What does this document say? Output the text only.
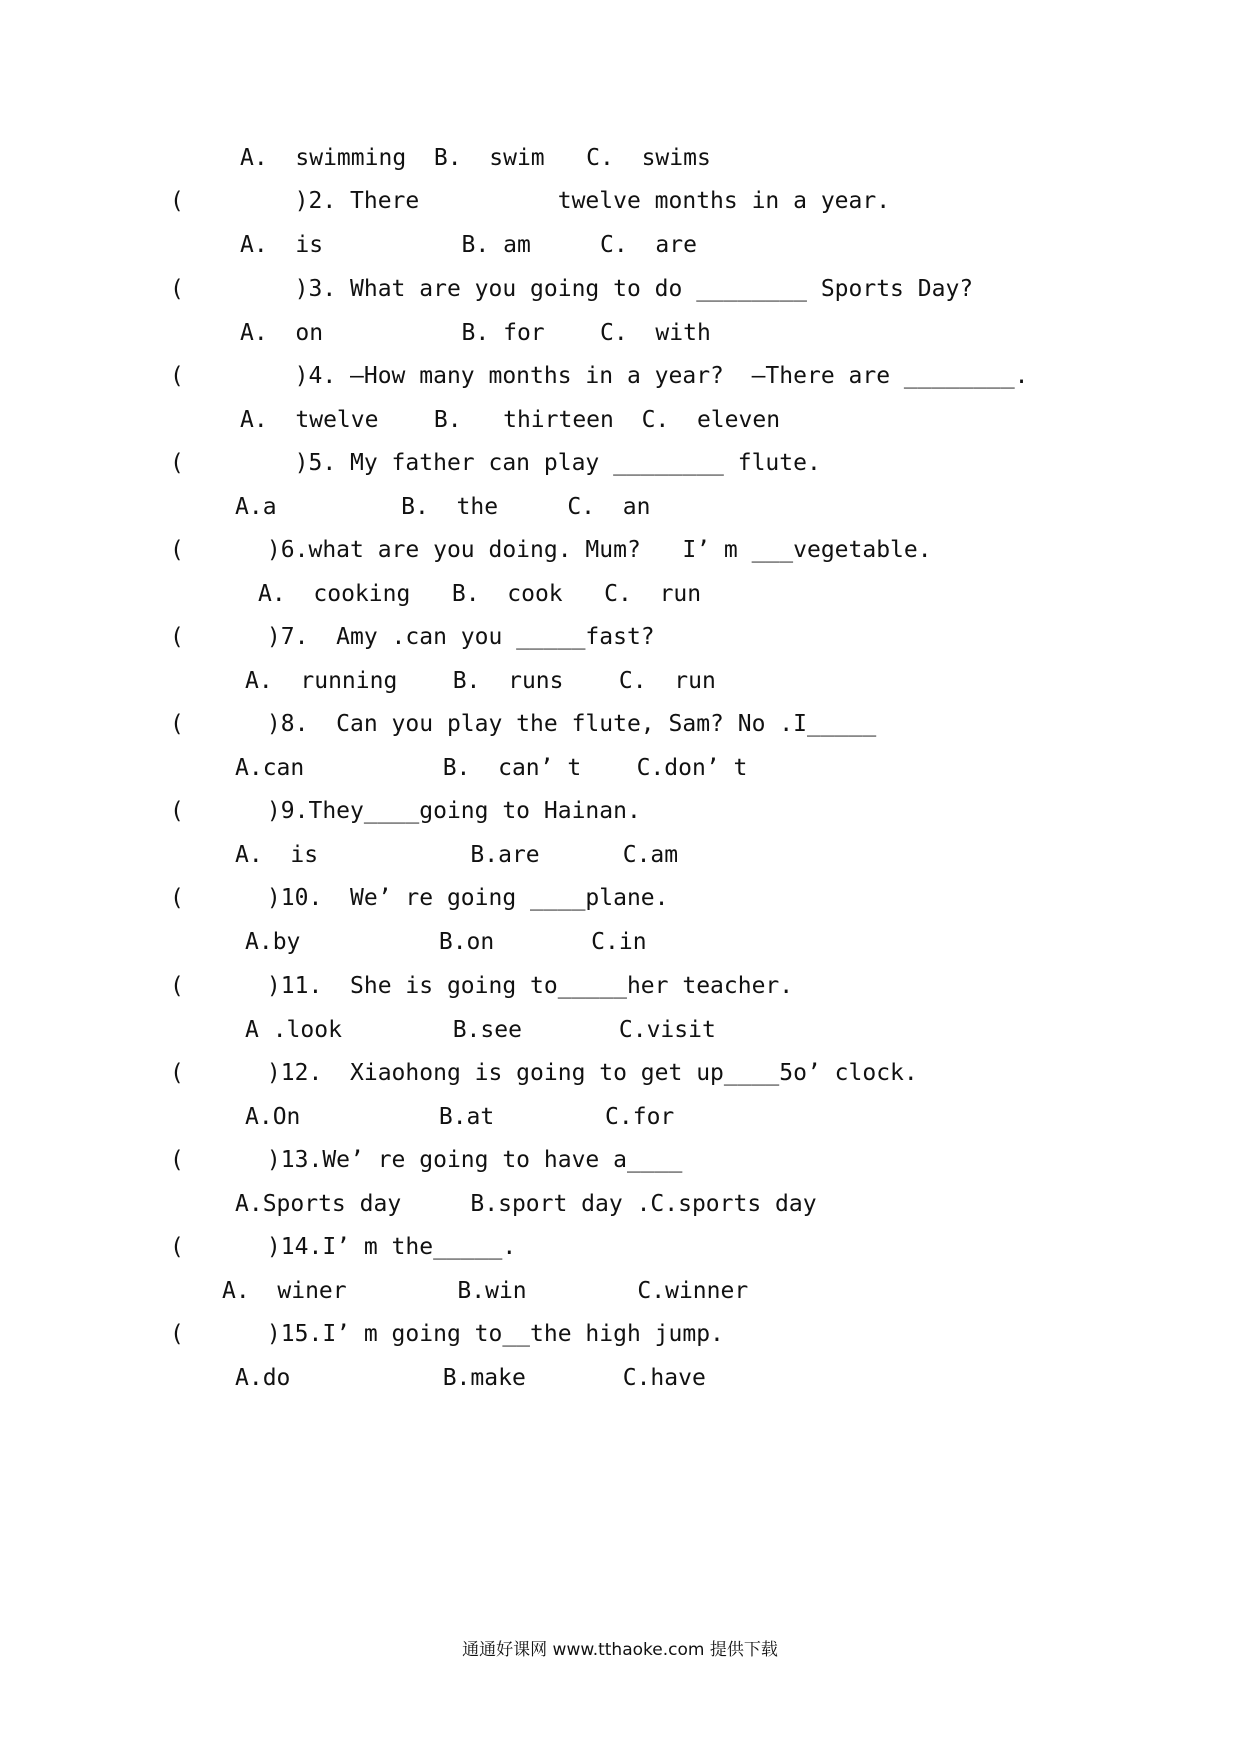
A.  swimming  B.  swim   C.  swims
(        )2. There          twelve months in a year.
A.  is          B. am     C.  are
(        )3. What are you going to do ________ Sports Day?
A.  on          B. for    C.  with
(        )4. —How many months in a year?  —There are ________.
A.  twelve    B.   thirteen  C.  eleven
(        )5. My father can play ________ flute.
A.a         B.  the     C.  an
(      )6.what are you doing. Mum?   I’ m ___vegetable.
A.  cooking   B.  cook   C.  run
(      )7.  Amy .can you _____fast?
A.  running    B.  runs    C.  run
(      )8.  Can you play the flute, Sam? No .I_____
A.can          B.  can’ t    C.don’ t
(      )9.They____going to Hainan.
A.  is           B.are      C.am
(      )10.  We’ re going ____plane.
A.by          B.on       C.in
(      )11.  She is going to_____her teacher.
A .look        B.see       C.visit
(      )12.  Xiaohong is going to get up____5o’ clock.
A.On          B.at        C.for
(      )13.We’ re going to have a____
A.Sports day     B.sport day .C.sports day
(      )14.I’ m the_____.
A.  winer        B.win        C.winner
(      )15.I’ m going to__the high jump.
A.do           B.make       C.have
通通好课网 www.tthaoke.com 提供下载
